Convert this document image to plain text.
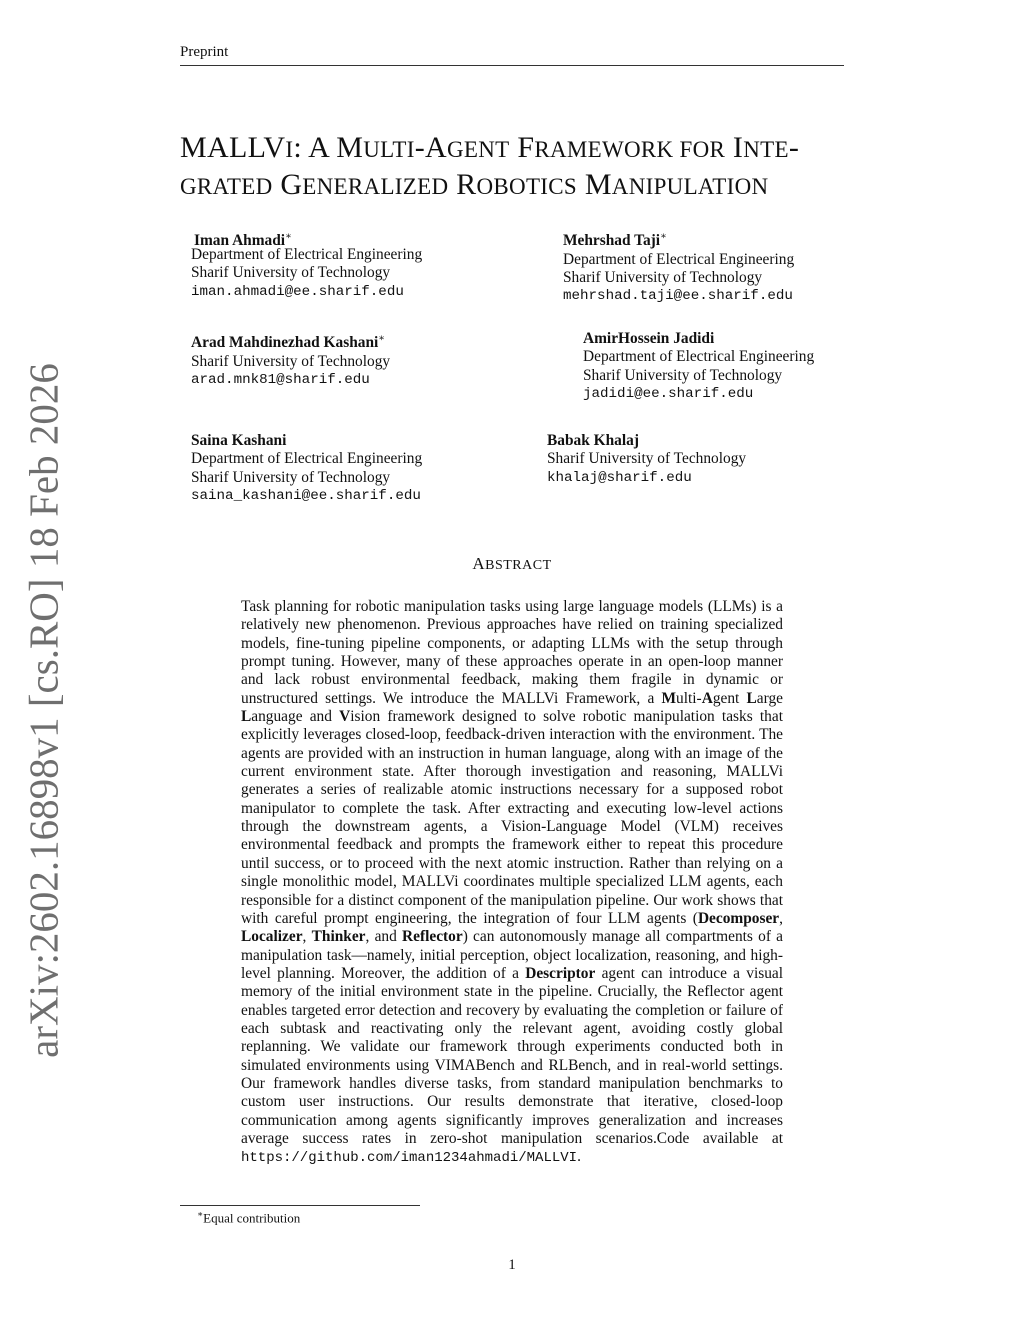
Preprint
arXiv:2602.16898v1 [cs.RO] 18 Feb 2026
MALLVI: A MULTI-AGENT FRAMEWORK FOR INTE-
GRATED GENERALIZED ROBOTICS MANIPULATION
Iman Ahmadi∗
Department of Electrical Engineering
Sharif University of Technology
iman.ahmadi@ee.sharif.edu
Mehrshad Taji∗
Department of Electrical Engineering
Sharif University of Technology
mehrshad.taji@ee.sharif.edu
Arad Mahdinezhad Kashani∗
Sharif University of Technology
arad.mnk81@sharif.edu
AmirHossein Jadidi
Department of Electrical Engineering
Sharif University of Technology
jadidi@ee.sharif.edu
Saina Kashani
Department of Electrical Engineering
Sharif University of Technology
saina_kashani@ee.sharif.edu
Babak Khalaj
Sharif University of Technology
khalaj@sharif.edu
ABSTRACT
Task planning for robotic manipulation tasks using large language models (LLMs) is a relatively new phenomenon. Previous approaches have relied on training specialized models, fine-tuning pipeline components, or adapting LLMs with the setup through prompt tuning. However, many of these approaches operate in an open-loop manner and lack robust environmental feedback, making them fragile in dynamic or unstructured settings. We introduce the MALLVi Framework, a Multi-Agent Large Language and Vision framework designed to solve robotic manipulation tasks that explicitly leverages closed-loop, feedback-driven interaction with the environment. The agents are provided with an instruction in human language, along with an image of the current environment state. After thorough investigation and reasoning, MALLVi generates a series of realizable atomic instructions necessary for a supposed robot manipulator to complete the task. After extracting and executing low-level actions through the downstream agents, a Vision-Language Model (VLM) receives environmental feedback and prompts the framework either to repeat this procedure until success, or to proceed with the next atomic instruction. Rather than relying on a single monolithic model, MALLVi coordinates multiple specialized LLM agents, each responsible for a distinct component of the manipulation pipeline. Our work shows that with careful prompt engineering, the integration of four LLM agents (Decomposer, Localizer, Thinker, and Reflector) can autonomously manage all compartments of a manipulation task—namely, initial perception, object localization, reasoning, and high-level planning. Moreover, the addition of a Descriptor agent can introduce a visual memory of the initial environment state in the pipeline. Crucially, the Reflector agent enables targeted error detection and recovery by evaluating the completion or failure of each subtask and reactivating only the relevant agent, avoiding costly global replanning. We validate our framework through experiments conducted both in simulated environments using VIMABench and RLBench, and in real-world settings. Our framework handles diverse tasks, from standard manipulation benchmarks to custom user instructions. Our results demonstrate that iterative, closed-loop communication among agents significantly improves generalization and increases average success rates in zero-shot manipulation scenarios.Code available at https://github.com/iman1234ahmadi/MALLVI.
∗Equal contribution
1
